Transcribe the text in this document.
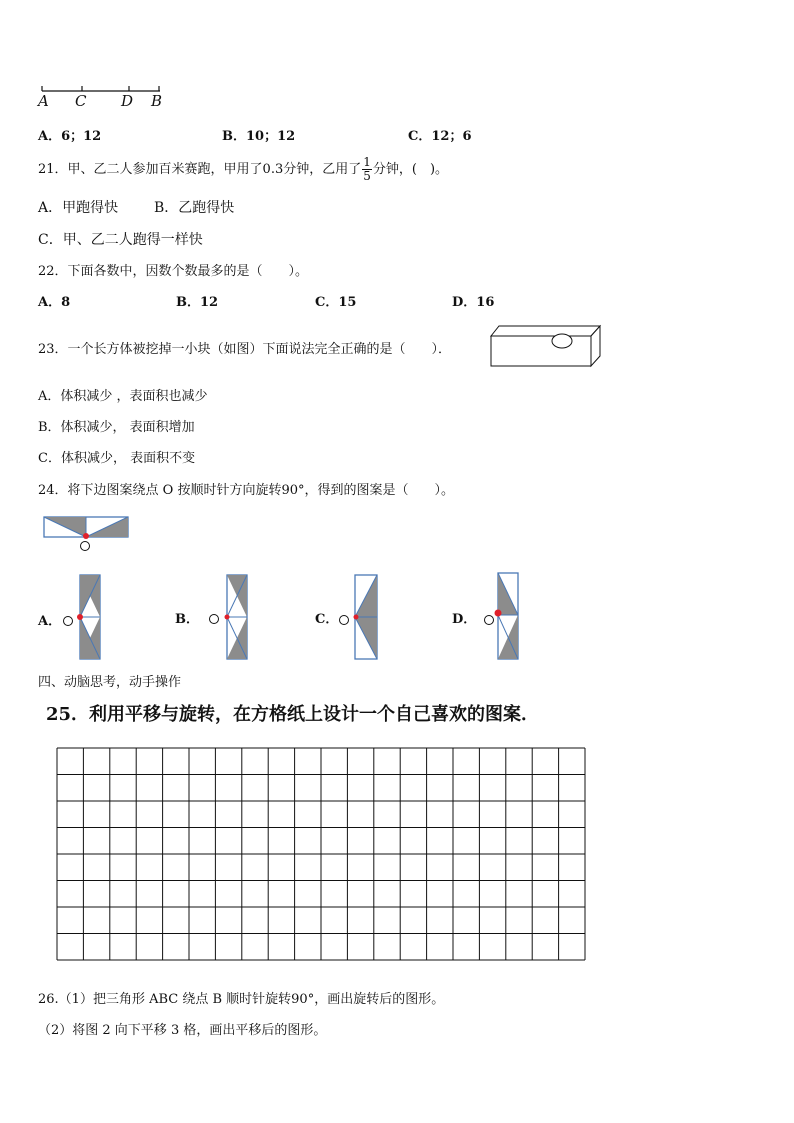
A C D B
A．6；12	B．10；12	C．12；6
21．甲、乙二人参加百米赛跑，甲用了0.3分钟，乙用了 $\frac{1}{5}$ 分钟，(　)。
A．甲跑得快	B．乙跑得快
C．甲、乙二人跑得一样快
22．下面各数中，因数个数最多的是（　　）。
A．8	B．12	C．15	D．16
23．一个长方体被挖掉一小块（如图）下面说法完全正确的是（　　）．
A．体积减少 ，表面积也减少
B．体积减少， 表面积增加
C．体积减少， 表面积不变
24．将下边图案绕点 O 按顺时针方向旋转90°，得到的图案是（　　）。
A．	B．	C．	D．
四、动脑思考，动手操作
25．利用平移与旋转，在方格纸上设计一个自己喜欢的图案．
26.（1）把三角形 ABC 绕点 B 顺时针旋转90°，画出旋转后的图形。
（2）将图 2 向下平移 3 格，画出平移后的图形。
